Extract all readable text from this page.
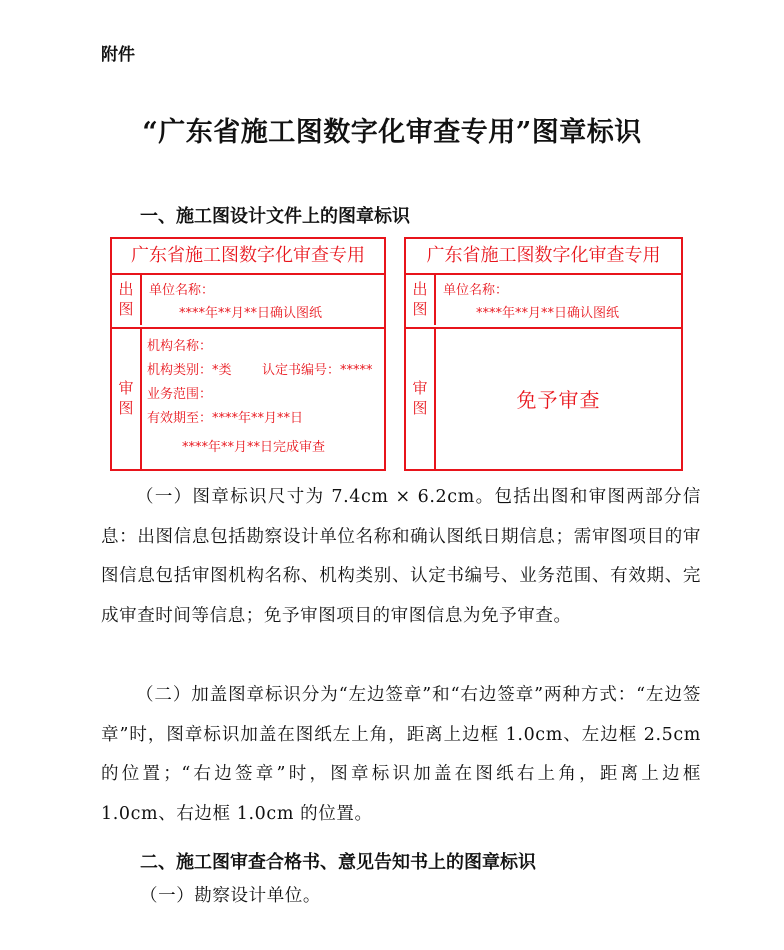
附件
“广东省施工图数字化审查专用”图章标识
一、施工图设计文件上的图章标识
广东省施工图数字化审查专用
出
图
单位名称：
****年**月**日确认图纸
审
图
机构名称：
机构类别：*类 认定书编号：*****
业务范围：
有效期至：****年**月**日
****年**月**日完成审查
广东省施工图数字化审查专用
出
图
单位名称：
****年**月**日确认图纸
审
图	免予审查

（一）图章标识尺寸为 7.4cm × 6.2cm。包括出图和审图两部分信息：出图信息包括勘察设计单位名称和确认图纸日期信息；需审图项目的审图信息包括审图机构名称、机构类别、认定书编号、业务范围、有效期、完成审查时间等信息；免予审图项目的审图信息为免予审查。

（二）加盖图章标识分为“左边签章”和“右边签章”两种方式：“左边签章”时，图章标识加盖在图纸左上角，距离上边框 1.0cm、左边框 2.5cm 的位置；“右边签章”时，图章标识加盖在图纸右上角，距离上边框 1.0cm、右边框 1.0cm 的位置。

二、施工图审查合格书、意见告知书上的图章标识
（一）勘察设计单位。
